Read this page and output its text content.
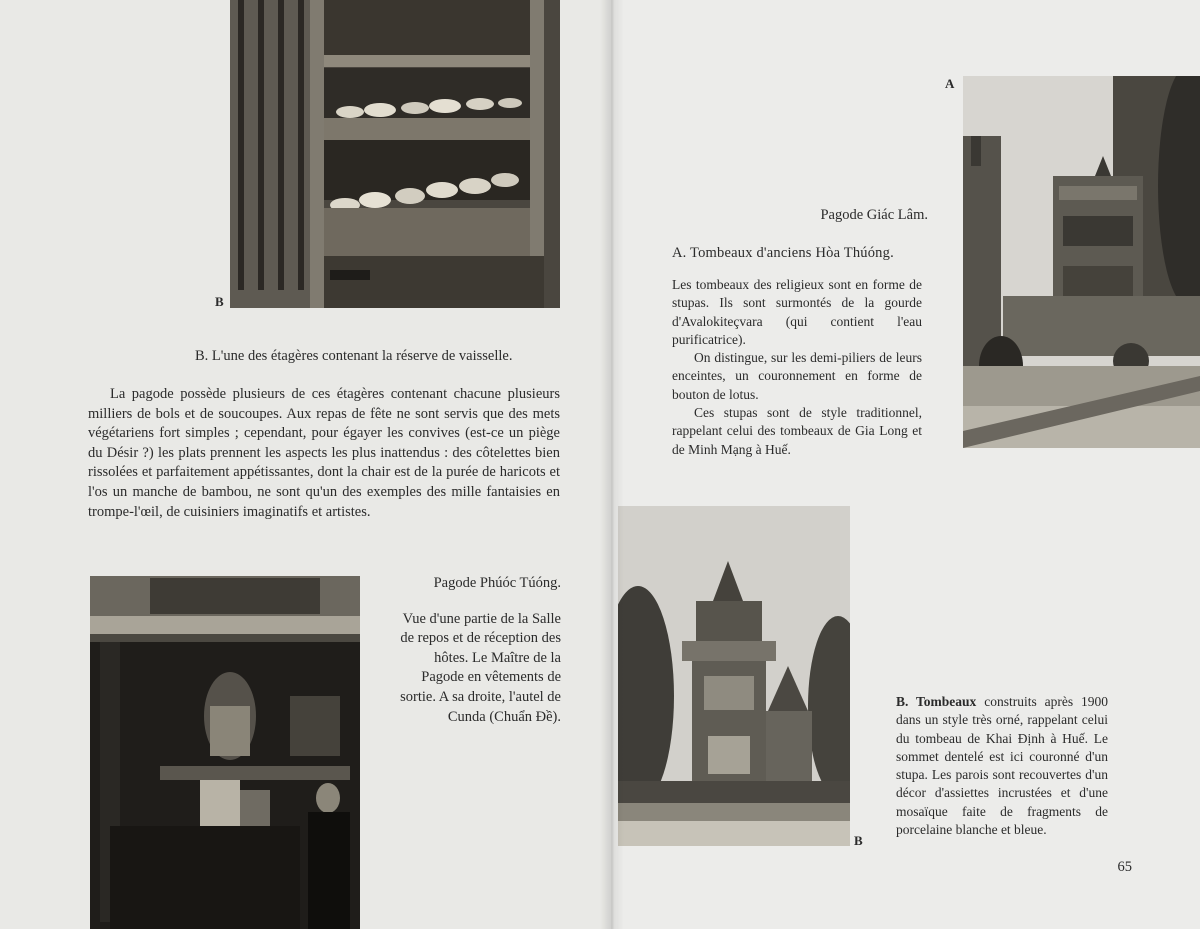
B
B. L'une des étagères contenant la réserve de vaisselle.
La pagode possède plusieurs de ces étagères contenant chacune plusieurs milliers de bols et de soucoupes. Aux repas de fête ne sont servis que des mets végétariens fort simples ; cependant, pour égayer les convives (est-ce un piège du Désir ?) les plats prennent les aspects les plus inattendus : des côtelettes bien rissolées et parfaitement appétissantes, dont la chair est de la purée de haricots et l'os un manche de bambou, ne sont qu'un des exemples des mille fantaisies en trompe-l'œil, de cuisiniers imaginatifs et artistes.
Pagode Phúóc Túóng.
Vue d'une partie de la Salle de repos et de réception des hôtes. Le Maître de la Pagode en vêtements de sortie. A sa droite, l'autel de Cunda (Chuẩn Đề).
A
Pagode Giác Lâm.
A. Tombeaux d'anciens Hòa Thúóng.
Les tombeaux des religieux sont en forme de stupas. Ils sont surmontés de la gourde d'Avalokiteçvara (qui contient l'eau purificatrice).
On distingue, sur les demi-piliers de leurs enceintes, un couronnement en forme de bouton de lotus.
Ces stupas sont de style traditionnel, rappelant celui des tombeaux de Gia Long et de Minh Mạng à Huế.
B
B. Tombeaux construits après 1900 dans un style très orné, rappelant celui du tombeau de Khai Định à Huế. Le sommet dentelé est ici couronné d'un stupa. Les parois sont recouvertes d'un décor d'assiettes incrustées et d'une mosaïque faite de fragments de porcelaine blanche et bleue.
65
